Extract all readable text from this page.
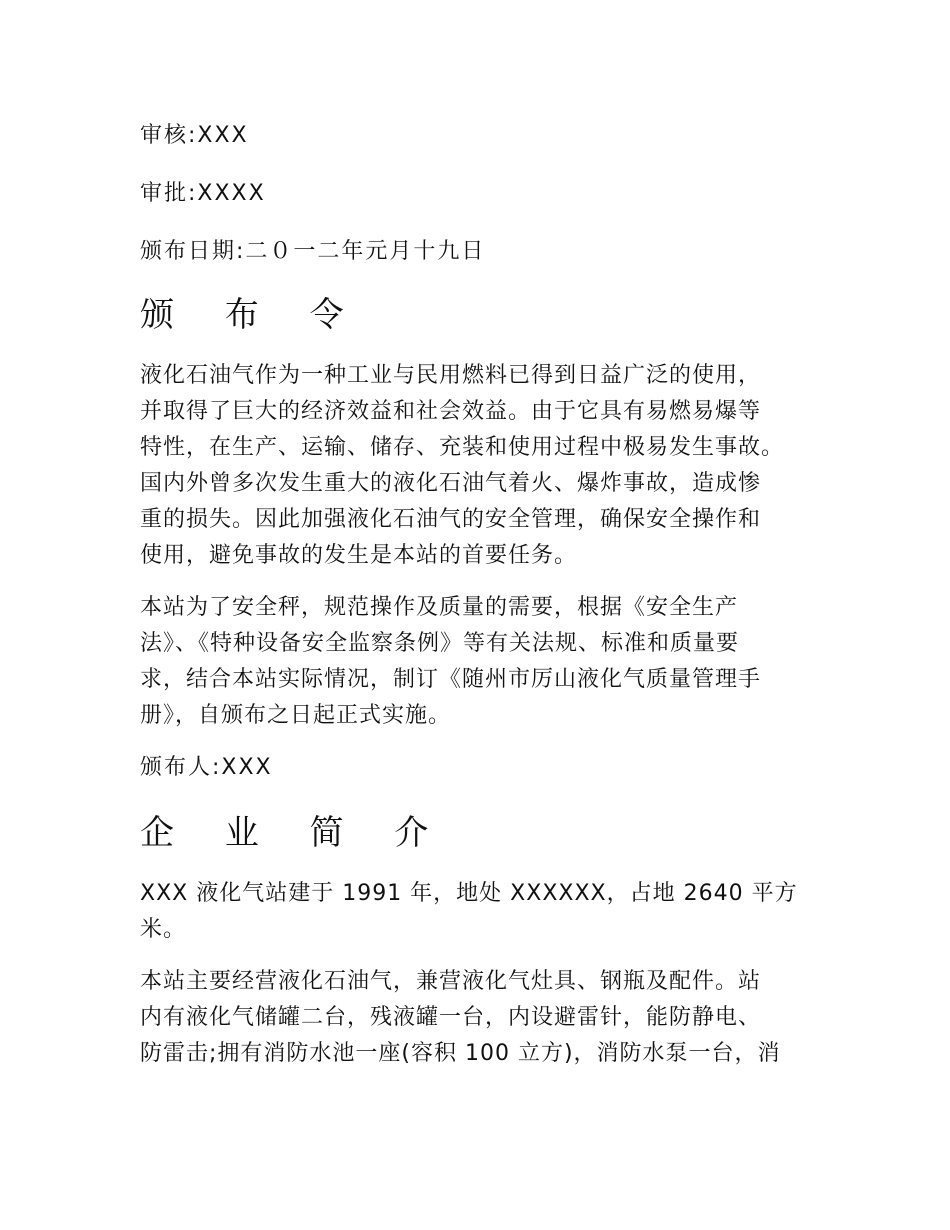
审核:XXX
审批:XXXX
颁布日期:二０一二年元月十九日
颁 布 令
液化石油气作为一种工业与民用燃料已得到日益广泛的使用，
并取得了巨大的经济效益和社会效益。由于它具有易燃易爆等
特性，在生产、运输、储存、充装和使用过程中极易发生事故。
国内外曾多次发生重大的液化石油气着火、爆炸事故，造成惨
重的损失。因此加强液化石油气的安全管理，确保安全操作和
使用，避免事故的发生是本站的首要任务。
本站为了安全秤，规范操作及质量的需要，根据《安全生产
法》、《特种设备安全监察条例》等有关法规、标准和质量要
求，结合本站实际情况，制订《随州市厉山液化气质量管理手
册》，自颁布之日起正式实施。
颁布人:XXX
企 业 简 介
XXX 液化气站建于 1991 年，地处 XXXXXX，占地 2640 平方
米。
本站主要经营液化石油气，兼营液化气灶具、钢瓶及配件。站
内有液化气储罐二台，残液罐一台，内设避雷针，能防静电、
防雷击;拥有消防水池一座(容积 100 立方)，消防水泵一台，消
